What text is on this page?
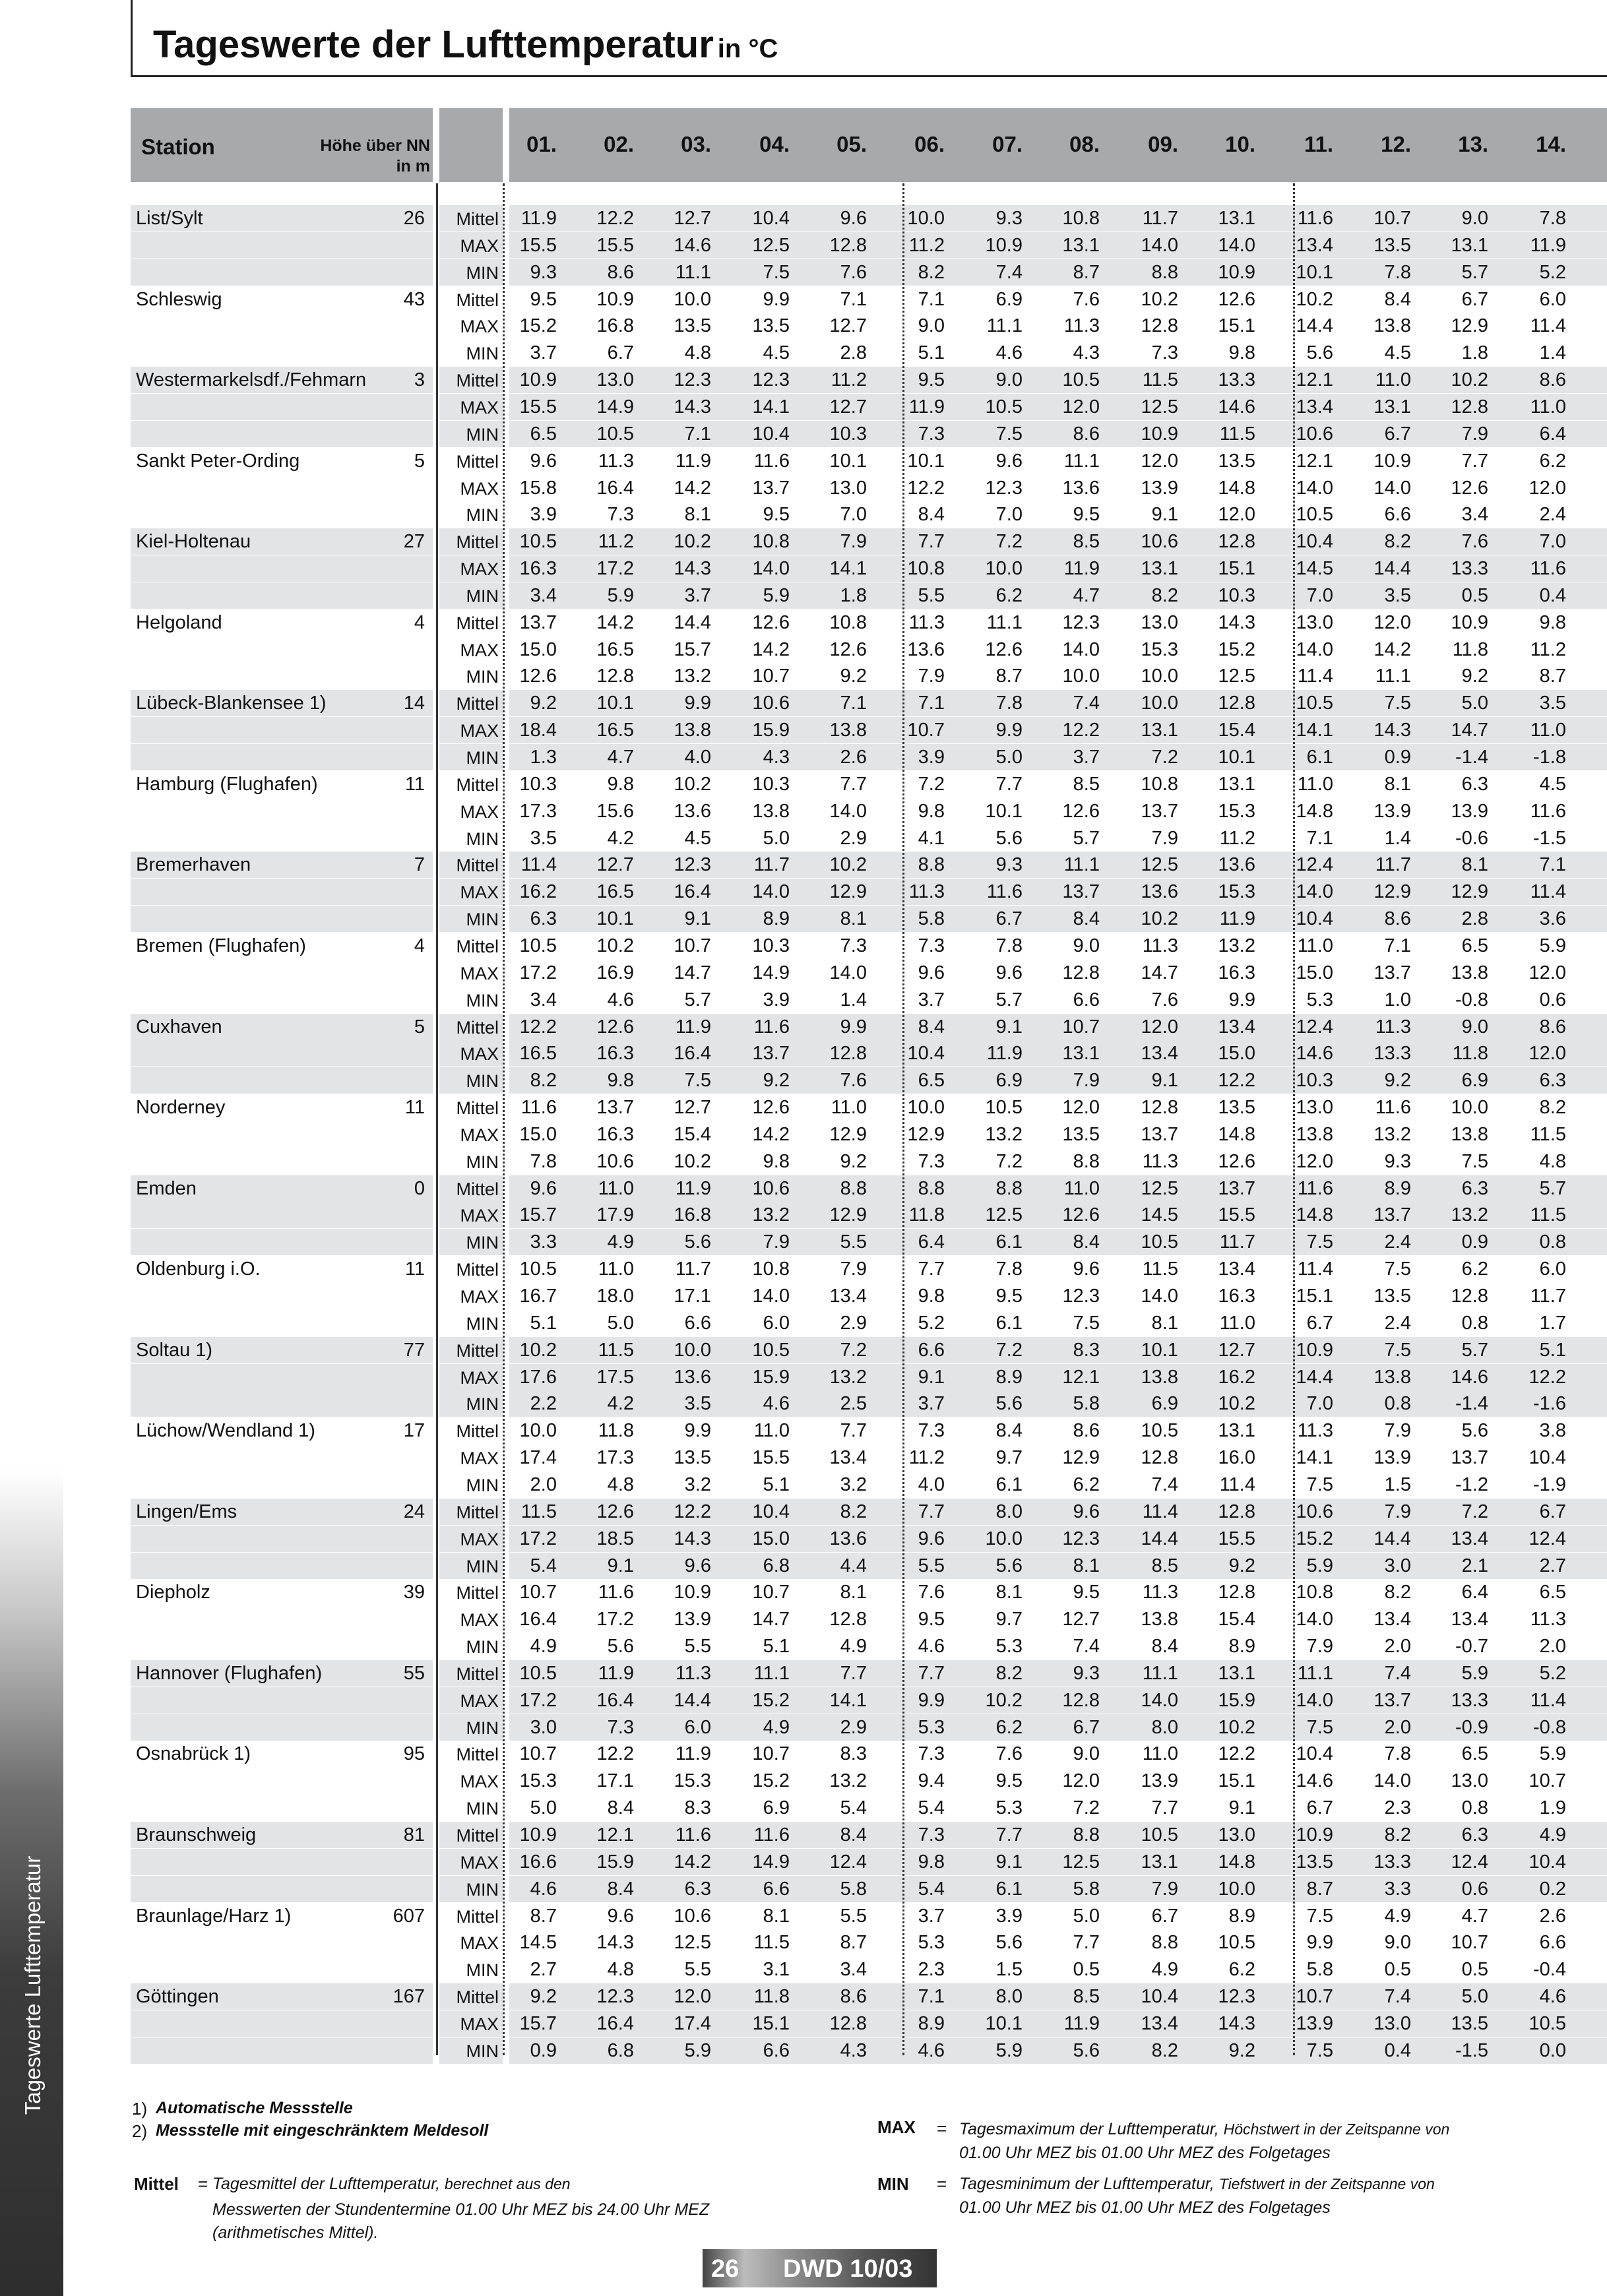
Tageswerte Lufttemperatur
Tageswerte der Lufttemperatur in °C
Station	Höhe über NN
in m
01.	02.	03.	04.	05.	06.	07.	08.	09.	10.	11.	12.	13.	14.
List/Sylt	26	Mittel	11.9	12.2	12.7	10.4	9.6	10.0	9.3	10.8	11.7	13.1	11.6	10.7	9.0	7.8
MAX	15.5	15.5	14.6	12.5	12.8	11.2	10.9	13.1	14.0	14.0	13.4	13.5	13.1	11.9
MIN	9.3	8.6	11.1	7.5	7.6	8.2	7.4	8.7	8.8	10.9	10.1	7.8	5.7	5.2
Schleswig	43	Mittel	9.5	10.9	10.0	9.9	7.1	7.1	6.9	7.6	10.2	12.6	10.2	8.4	6.7	6.0
MAX	15.2	16.8	13.5	13.5	12.7	9.0	11.1	11.3	12.8	15.1	14.4	13.8	12.9	11.4
MIN	3.7	6.7	4.8	4.5	2.8	5.1	4.6	4.3	7.3	9.8	5.6	4.5	1.8	1.4
Westermarkelsdf./Fehmarn	3	Mittel	10.9	13.0	12.3	12.3	11.2	9.5	9.0	10.5	11.5	13.3	12.1	11.0	10.2	8.6
MAX	15.5	14.9	14.3	14.1	12.7	11.9	10.5	12.0	12.5	14.6	13.4	13.1	12.8	11.0
MIN	6.5	10.5	7.1	10.4	10.3	7.3	7.5	8.6	10.9	11.5	10.6	6.7	7.9	6.4
Sankt Peter-Ording	5	Mittel	9.6	11.3	11.9	11.6	10.1	10.1	9.6	11.1	12.0	13.5	12.1	10.9	7.7	6.2
MAX	15.8	16.4	14.2	13.7	13.0	12.2	12.3	13.6	13.9	14.8	14.0	14.0	12.6	12.0
MIN	3.9	7.3	8.1	9.5	7.0	8.4	7.0	9.5	9.1	12.0	10.5	6.6	3.4	2.4
Kiel-Holtenau	27	Mittel	10.5	11.2	10.2	10.8	7.9	7.7	7.2	8.5	10.6	12.8	10.4	8.2	7.6	7.0
MAX	16.3	17.2	14.3	14.0	14.1	10.8	10.0	11.9	13.1	15.1	14.5	14.4	13.3	11.6
MIN	3.4	5.9	3.7	5.9	1.8	5.5	6.2	4.7	8.2	10.3	7.0	3.5	0.5	0.4
Helgoland	4	Mittel	13.7	14.2	14.4	12.6	10.8	11.3	11.1	12.3	13.0	14.3	13.0	12.0	10.9	9.8
MAX	15.0	16.5	15.7	14.2	12.6	13.6	12.6	14.0	15.3	15.2	14.0	14.2	11.8	11.2
MIN	12.6	12.8	13.2	10.7	9.2	7.9	8.7	10.0	10.0	12.5	11.4	11.1	9.2	8.7
Lübeck-Blankensee 1)	14	Mittel	9.2	10.1	9.9	10.6	7.1	7.1	7.8	7.4	10.0	12.8	10.5	7.5	5.0	3.5
MAX	18.4	16.5	13.8	15.9	13.8	10.7	9.9	12.2	13.1	15.4	14.1	14.3	14.7	11.0
MIN	1.3	4.7	4.0	4.3	2.6	3.9	5.0	3.7	7.2	10.1	6.1	0.9	-1.4	-1.8
Hamburg (Flughafen)	11	Mittel	10.3	9.8	10.2	10.3	7.7	7.2	7.7	8.5	10.8	13.1	11.0	8.1	6.3	4.5
MAX	17.3	15.6	13.6	13.8	14.0	9.8	10.1	12.6	13.7	15.3	14.8	13.9	13.9	11.6
MIN	3.5	4.2	4.5	5.0	2.9	4.1	5.6	5.7	7.9	11.2	7.1	1.4	-0.6	-1.5
Bremerhaven	7	Mittel	11.4	12.7	12.3	11.7	10.2	8.8	9.3	11.1	12.5	13.6	12.4	11.7	8.1	7.1
MAX	16.2	16.5	16.4	14.0	12.9	11.3	11.6	13.7	13.6	15.3	14.0	12.9	12.9	11.4
MIN	6.3	10.1	9.1	8.9	8.1	5.8	6.7	8.4	10.2	11.9	10.4	8.6	2.8	3.6
Bremen (Flughafen)	4	Mittel	10.5	10.2	10.7	10.3	7.3	7.3	7.8	9.0	11.3	13.2	11.0	7.1	6.5	5.9
MAX	17.2	16.9	14.7	14.9	14.0	9.6	9.6	12.8	14.7	16.3	15.0	13.7	13.8	12.0
MIN	3.4	4.6	5.7	3.9	1.4	3.7	5.7	6.6	7.6	9.9	5.3	1.0	-0.8	0.6
Cuxhaven	5	Mittel	12.2	12.6	11.9	11.6	9.9	8.4	9.1	10.7	12.0	13.4	12.4	11.3	9.0	8.6
MAX	16.5	16.3	16.4	13.7	12.8	10.4	11.9	13.1	13.4	15.0	14.6	13.3	11.8	12.0
MIN	8.2	9.8	7.5	9.2	7.6	6.5	6.9	7.9	9.1	12.2	10.3	9.2	6.9	6.3
Norderney	11	Mittel	11.6	13.7	12.7	12.6	11.0	10.0	10.5	12.0	12.8	13.5	13.0	11.6	10.0	8.2
MAX	15.0	16.3	15.4	14.2	12.9	12.9	13.2	13.5	13.7	14.8	13.8	13.2	13.8	11.5
MIN	7.8	10.6	10.2	9.8	9.2	7.3	7.2	8.8	11.3	12.6	12.0	9.3	7.5	4.8
Emden	0	Mittel	9.6	11.0	11.9	10.6	8.8	8.8	8.8	11.0	12.5	13.7	11.6	8.9	6.3	5.7
MAX	15.7	17.9	16.8	13.2	12.9	11.8	12.5	12.6	14.5	15.5	14.8	13.7	13.2	11.5
MIN	3.3	4.9	5.6	7.9	5.5	6.4	6.1	8.4	10.5	11.7	7.5	2.4	0.9	0.8
Oldenburg i.O.	11	Mittel	10.5	11.0	11.7	10.8	7.9	7.7	7.8	9.6	11.5	13.4	11.4	7.5	6.2	6.0
MAX	16.7	18.0	17.1	14.0	13.4	9.8	9.5	12.3	14.0	16.3	15.1	13.5	12.8	11.7
MIN	5.1	5.0	6.6	6.0	2.9	5.2	6.1	7.5	8.1	11.0	6.7	2.4	0.8	1.7
Soltau 1)	77	Mittel	10.2	11.5	10.0	10.5	7.2	6.6	7.2	8.3	10.1	12.7	10.9	7.5	5.7	5.1
MAX	17.6	17.5	13.6	15.9	13.2	9.1	8.9	12.1	13.8	16.2	14.4	13.8	14.6	12.2
MIN	2.2	4.2	3.5	4.6	2.5	3.7	5.6	5.8	6.9	10.2	7.0	0.8	-1.4	-1.6
Lüchow/Wendland 1)	17	Mittel	10.0	11.8	9.9	11.0	7.7	7.3	8.4	8.6	10.5	13.1	11.3	7.9	5.6	3.8
MAX	17.4	17.3	13.5	15.5	13.4	11.2	9.7	12.9	12.8	16.0	14.1	13.9	13.7	10.4
MIN	2.0	4.8	3.2	5.1	3.2	4.0	6.1	6.2	7.4	11.4	7.5	1.5	-1.2	-1.9
Lingen/Ems	24	Mittel	11.5	12.6	12.2	10.4	8.2	7.7	8.0	9.6	11.4	12.8	10.6	7.9	7.2	6.7
MAX	17.2	18.5	14.3	15.0	13.6	9.6	10.0	12.3	14.4	15.5	15.2	14.4	13.4	12.4
MIN	5.4	9.1	9.6	6.8	4.4	5.5	5.6	8.1	8.5	9.2	5.9	3.0	2.1	2.7
Diepholz	39	Mittel	10.7	11.6	10.9	10.7	8.1	7.6	8.1	9.5	11.3	12.8	10.8	8.2	6.4	6.5
MAX	16.4	17.2	13.9	14.7	12.8	9.5	9.7	12.7	13.8	15.4	14.0	13.4	13.4	11.3
MIN	4.9	5.6	5.5	5.1	4.9	4.6	5.3	7.4	8.4	8.9	7.9	2.0	-0.7	2.0
Hannover (Flughafen)	55	Mittel	10.5	11.9	11.3	11.1	7.7	7.7	8.2	9.3	11.1	13.1	11.1	7.4	5.9	5.2
MAX	17.2	16.4	14.4	15.2	14.1	9.9	10.2	12.8	14.0	15.9	14.0	13.7	13.3	11.4
MIN	3.0	7.3	6.0	4.9	2.9	5.3	6.2	6.7	8.0	10.2	7.5	2.0	-0.9	-0.8
Osnabrück 1)	95	Mittel	10.7	12.2	11.9	10.7	8.3	7.3	7.6	9.0	11.0	12.2	10.4	7.8	6.5	5.9
MAX	15.3	17.1	15.3	15.2	13.2	9.4	9.5	12.0	13.9	15.1	14.6	14.0	13.0	10.7
MIN	5.0	8.4	8.3	6.9	5.4	5.4	5.3	7.2	7.7	9.1	6.7	2.3	0.8	1.9
Braunschweig	81	Mittel	10.9	12.1	11.6	11.6	8.4	7.3	7.7	8.8	10.5	13.0	10.9	8.2	6.3	4.9
MAX	16.6	15.9	14.2	14.9	12.4	9.8	9.1	12.5	13.1	14.8	13.5	13.3	12.4	10.4
MIN	4.6	8.4	6.3	6.6	5.8	5.4	6.1	5.8	7.9	10.0	8.7	3.3	0.6	0.2
Braunlage/Harz 1)	607	Mittel	8.7	9.6	10.6	8.1	5.5	3.7	3.9	5.0	6.7	8.9	7.5	4.9	4.7	2.6
MAX	14.5	14.3	12.5	11.5	8.7	5.3	5.6	7.7	8.8	10.5	9.9	9.0	10.7	6.6
MIN	2.7	4.8	5.5	3.1	3.4	2.3	1.5	0.5	4.9	6.2	5.8	0.5	0.5	-0.4
Göttingen	167	Mittel	9.2	12.3	12.0	11.8	8.6	7.1	8.0	8.5	10.4	12.3	10.7	7.4	5.0	4.6
MAX	15.7	16.4	17.4	15.1	12.8	8.9	10.1	11.9	13.4	14.3	13.9	13.0	13.5	10.5
MIN	0.9	6.8	5.9	6.6	4.3	4.6	5.9	5.6	8.2	9.2	7.5	0.4	-1.5	0.0
1) Automatische Messstelle
2) Messstelle mit eingeschränktem Meldesoll
Mittel = Tagesmittel der Lufttemperatur, berechnet aus den
Messwerten der Stundentermine 01.00 Uhr MEZ bis 24.00 Uhr MEZ
(arithmetisches Mittel).
MAX = Tagesmaximum der Lufttemperatur, Höchstwert in der Zeitspanne von
01.00 Uhr MEZ bis 01.00 Uhr MEZ des Folgetages
MIN = Tagesminimum der Lufttemperatur, Tiefstwert in der Zeitspanne von
01.00 Uhr MEZ bis 01.00 Uhr MEZ des Folgetages
26 DWD 10/03
